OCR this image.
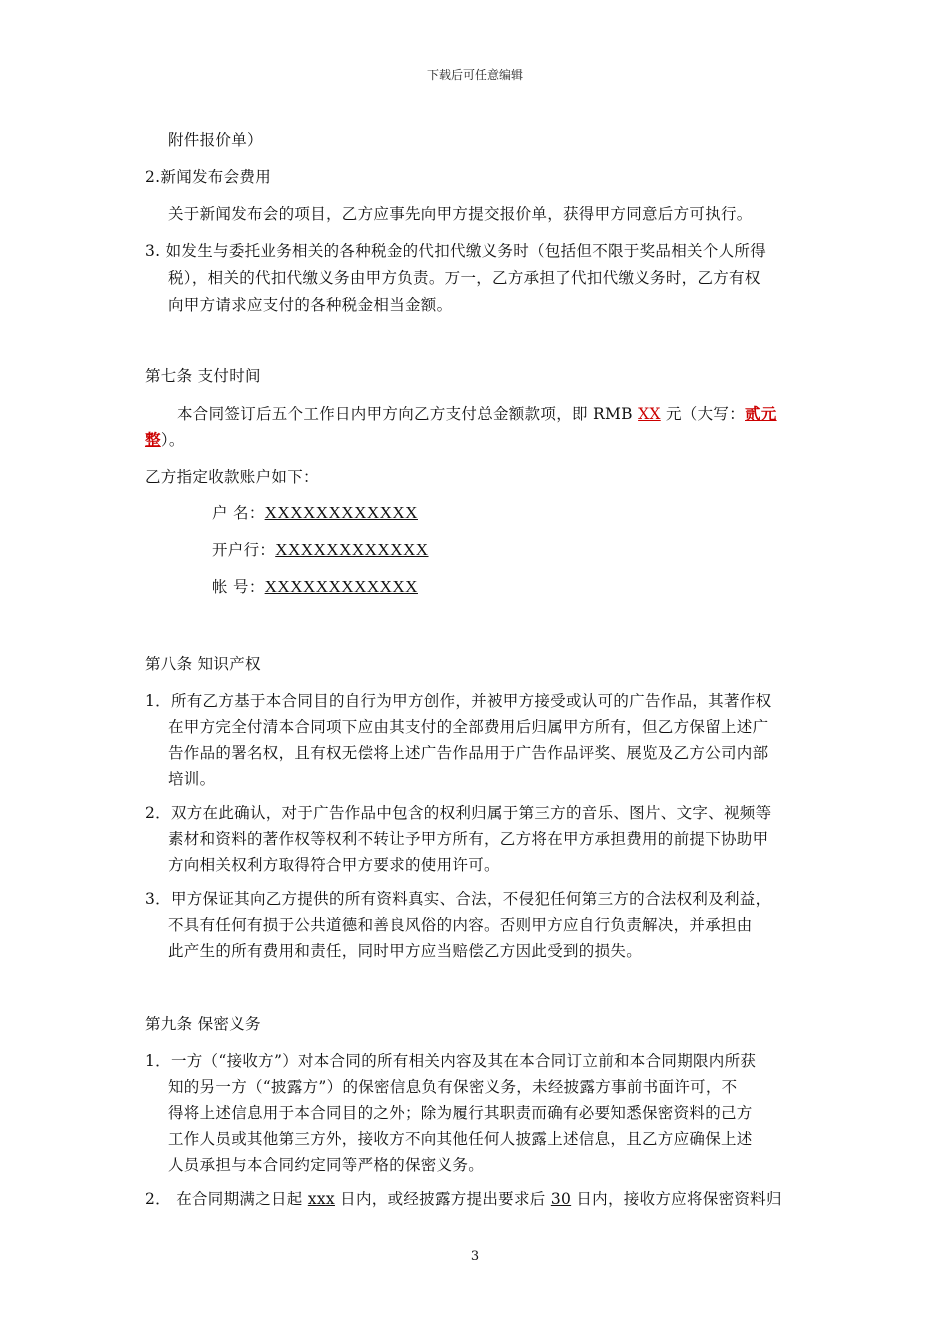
下载后可任意编辑
附件报价单）
2.新闻发布会费用
关于新闻发布会的项目，乙方应事先向甲方提交报价单，获得甲方同意后方可执行。
3. 如发生与委托业务相关的各种税金的代扣代缴义务时（包括但不限于奖品相关个人所得
税），相关的代扣代缴义务由甲方负责。万一，乙方承担了代扣代缴义务时，乙方有权
向甲方请求应支付的各种税金相当金额。
第七条 支付时间
本合同签订后五个工作日内甲方向乙方支付总金额款项，即 RMB XX 元（大写：贰元
整）。
乙方指定收款账户如下：
户 名：XXXXXXXXXXXX
开户行：XXXXXXXXXXXX
帐 号：XXXXXXXXXXXX
第八条 知识产权
1．所有乙方基于本合同目的自行为甲方创作，并被甲方接受或认可的广告作品，其著作权
在甲方完全付清本合同项下应由其支付的全部费用后归属甲方所有，但乙方保留上述广
告作品的署名权，且有权无偿将上述广告作品用于广告作品评奖、展览及乙方公司内部
培训。
2．双方在此确认，对于广告作品中包含的权利归属于第三方的音乐、图片、文字、视频等
素材和资料的著作权等权利不转让予甲方所有，乙方将在甲方承担费用的前提下协助甲
方向相关权利方取得符合甲方要求的使用许可。
3．甲方保证其向乙方提供的所有资料真实、合法，不侵犯任何第三方的合法权利及利益，
不具有任何有损于公共道德和善良风俗的内容。否则甲方应自行负责解决，并承担由
此产生的所有费用和责任，同时甲方应当赔偿乙方因此受到的损失。
第九条 保密义务
1．一方（“接收方”）对本合同的所有相关内容及其在本合同订立前和本合同期限内所获
知的另一方（“披露方”）的保密信息负有保密义务，未经披露方事前书面许可，不
得将上述信息用于本合同目的之外；除为履行其职责而确有必要知悉保密资料的己方
工作人员或其他第三方外，接收方不向其他任何人披露上述信息，且乙方应确保上述
人员承担与本合同约定同等严格的保密义务。
2． 在合同期满之日起 xxx 日内，或经披露方提出要求后 30 日内，接收方应将保密资料归
3
